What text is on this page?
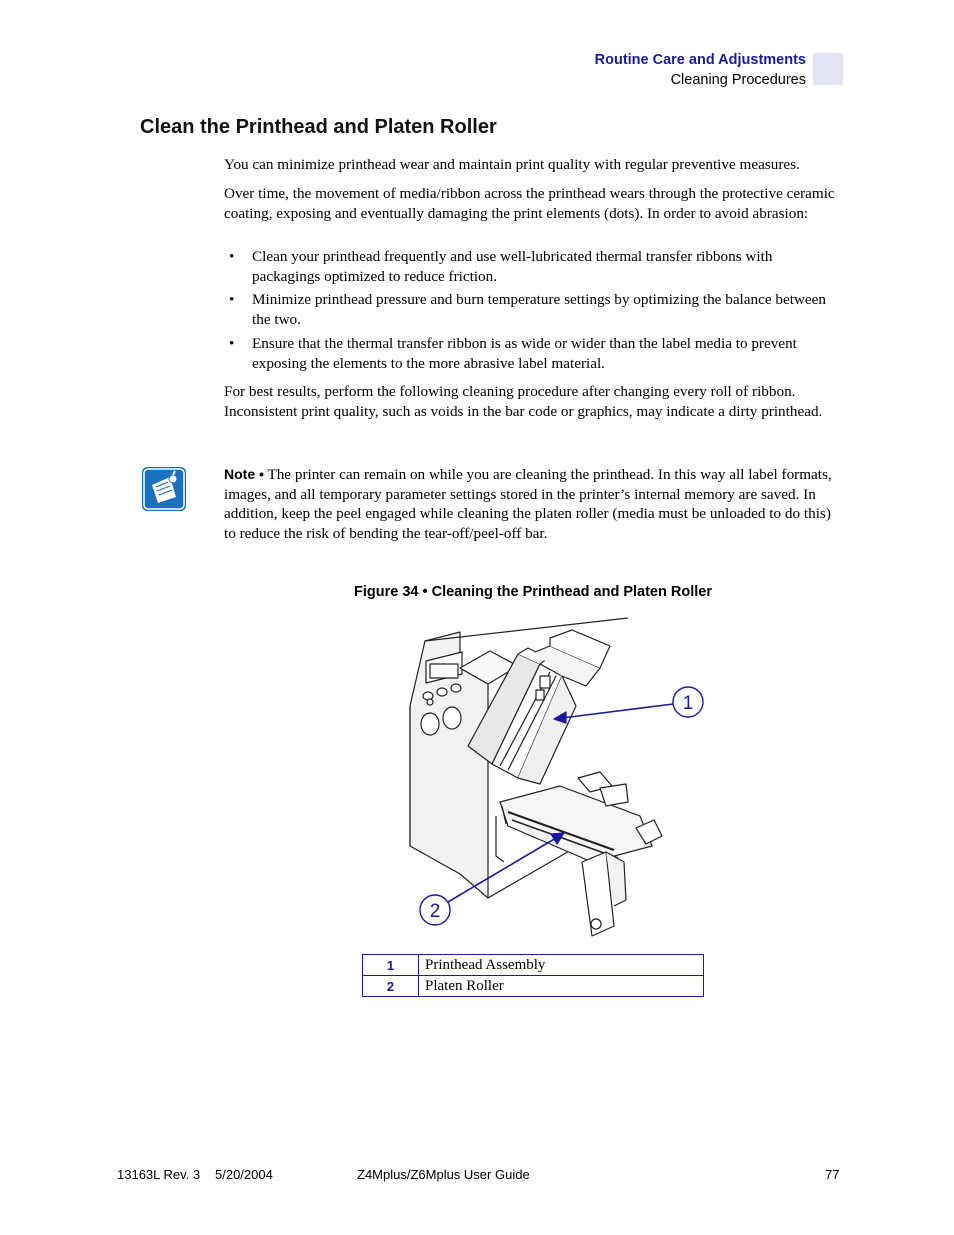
Routine Care and Adjustments
Cleaning Procedures
Clean the Printhead and Platen Roller

You can minimize printhead wear and maintain print quality with regular preventive measures.

Over time, the movement of media/ribbon across the printhead wears through the protective ceramic coating, exposing and eventually damaging the print elements (dots). In order to avoid abrasion:

• Clean your printhead frequently and use well-lubricated thermal transfer ribbons with packagings optimized to reduce friction.
• Minimize printhead pressure and burn temperature settings by optimizing the balance between the two.
• Ensure that the thermal transfer ribbon is as wide or wider than the label media to prevent exposing the elements to the more abrasive label material.

For best results, perform the following cleaning procedure after changing every roll of ribbon. Inconsistent print quality, such as voids in the bar code or graphics, may indicate a dirty printhead.

Note • The printer can remain on while you are cleaning the printhead. In this way all label formats, images, and all temporary parameter settings stored in the printer’s internal memory are saved. In addition, keep the peel engaged while cleaning the platen roller (media must be unloaded to do this) to reduce the risk of bending the tear-off/peel-off bar.
Figure 34 • Cleaning the Printhead and Platen Roller
1
2
1	Printhead Assembly
2	Platen Roller
13163L Rev. 3 5/20/2004	Z4Mplus/Z6Mplus User Guide	77
